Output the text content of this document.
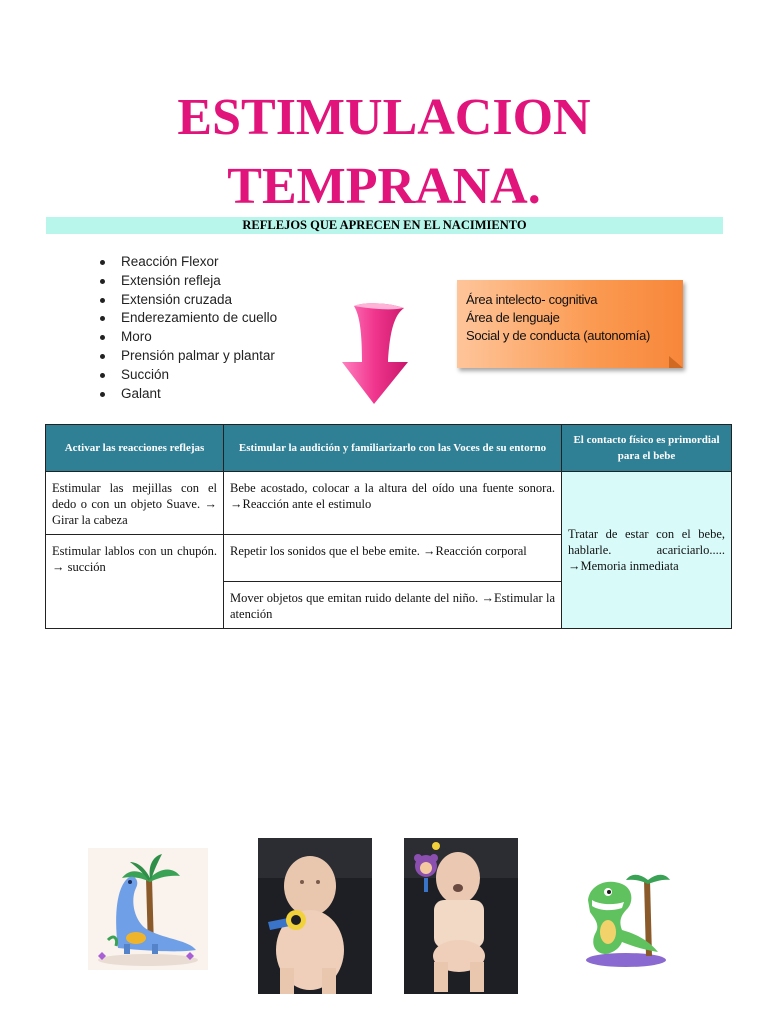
ESTIMULACION
TEMPRANA.
REFLEJOS QUE APRECEN EN EL NACIMIENTO
Reacción Flexor
Extensión refleja
Extensión cruzada
Enderezamiento de cuello
Moro
Prensión palmar y plantar
Succión
Galant
Área intelecto- cognitiva
Área de lenguaje
Social y de conducta (autonomía)
Activar las reacciones reflejas	Estimular la audición y familiarizarlo con las Voces de su entorno	El contacto físico es primordial para el bebe
Estimular las mejillas con el dedo o con un objeto Suave. → Girar la cabeza	Bebe acostado, colocar a la altura del oído una fuente sonora. →Reacción ante el estimulo	Tratar de estar con el bebe, hablarle. acariciarlo..... →Memoria inmediata
Estimular lablos con un chupón. → succión	Repetir los sonidos que el bebe emite. →Reacción corporal	
	Mover objetos que emitan ruido delante del niño. →Estimular la atención	
